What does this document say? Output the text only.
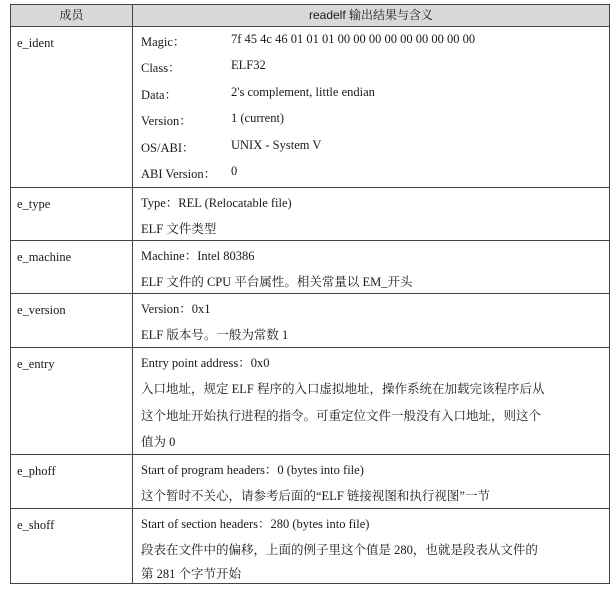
成员	readelf 输出结果与含义
e_ident	Magic：	7f 45 4c 46 01 01 01 00 00 00 00 00 00 00 00 00
Class：	ELF32
Data：	2's complement, little endian
Version：	1 (current)
OS/ABI：	UNIX - System V
ABI Version： 0
e_type	Type：REL (Relocatable file)
ELF 文件类型
e_machine	Machine：Intel 80386
ELF 文件的 CPU 平台属性。相关常量以 EM_开头
e_version	Version：0x1
ELF 版本号。一般为常数 1
e_entry	Entry point address：0x0
入口地址，规定 ELF 程序的入口虚拟地址，操作系统在加载完该程序后从
这个地址开始执行进程的指令。可重定位文件一般没有入口地址，则这个
值为 0
e_phoff	Start of program headers：0 (bytes into file)
这个暂时不关心，请参考后面的“ELF 链接视图和执行视图”一节
e_shoff	Start of section headers：280 (bytes into file)
段表在文件中的偏移，上面的例子里这个值是 280，也就是段表从文件的
第 281 个字节开始
